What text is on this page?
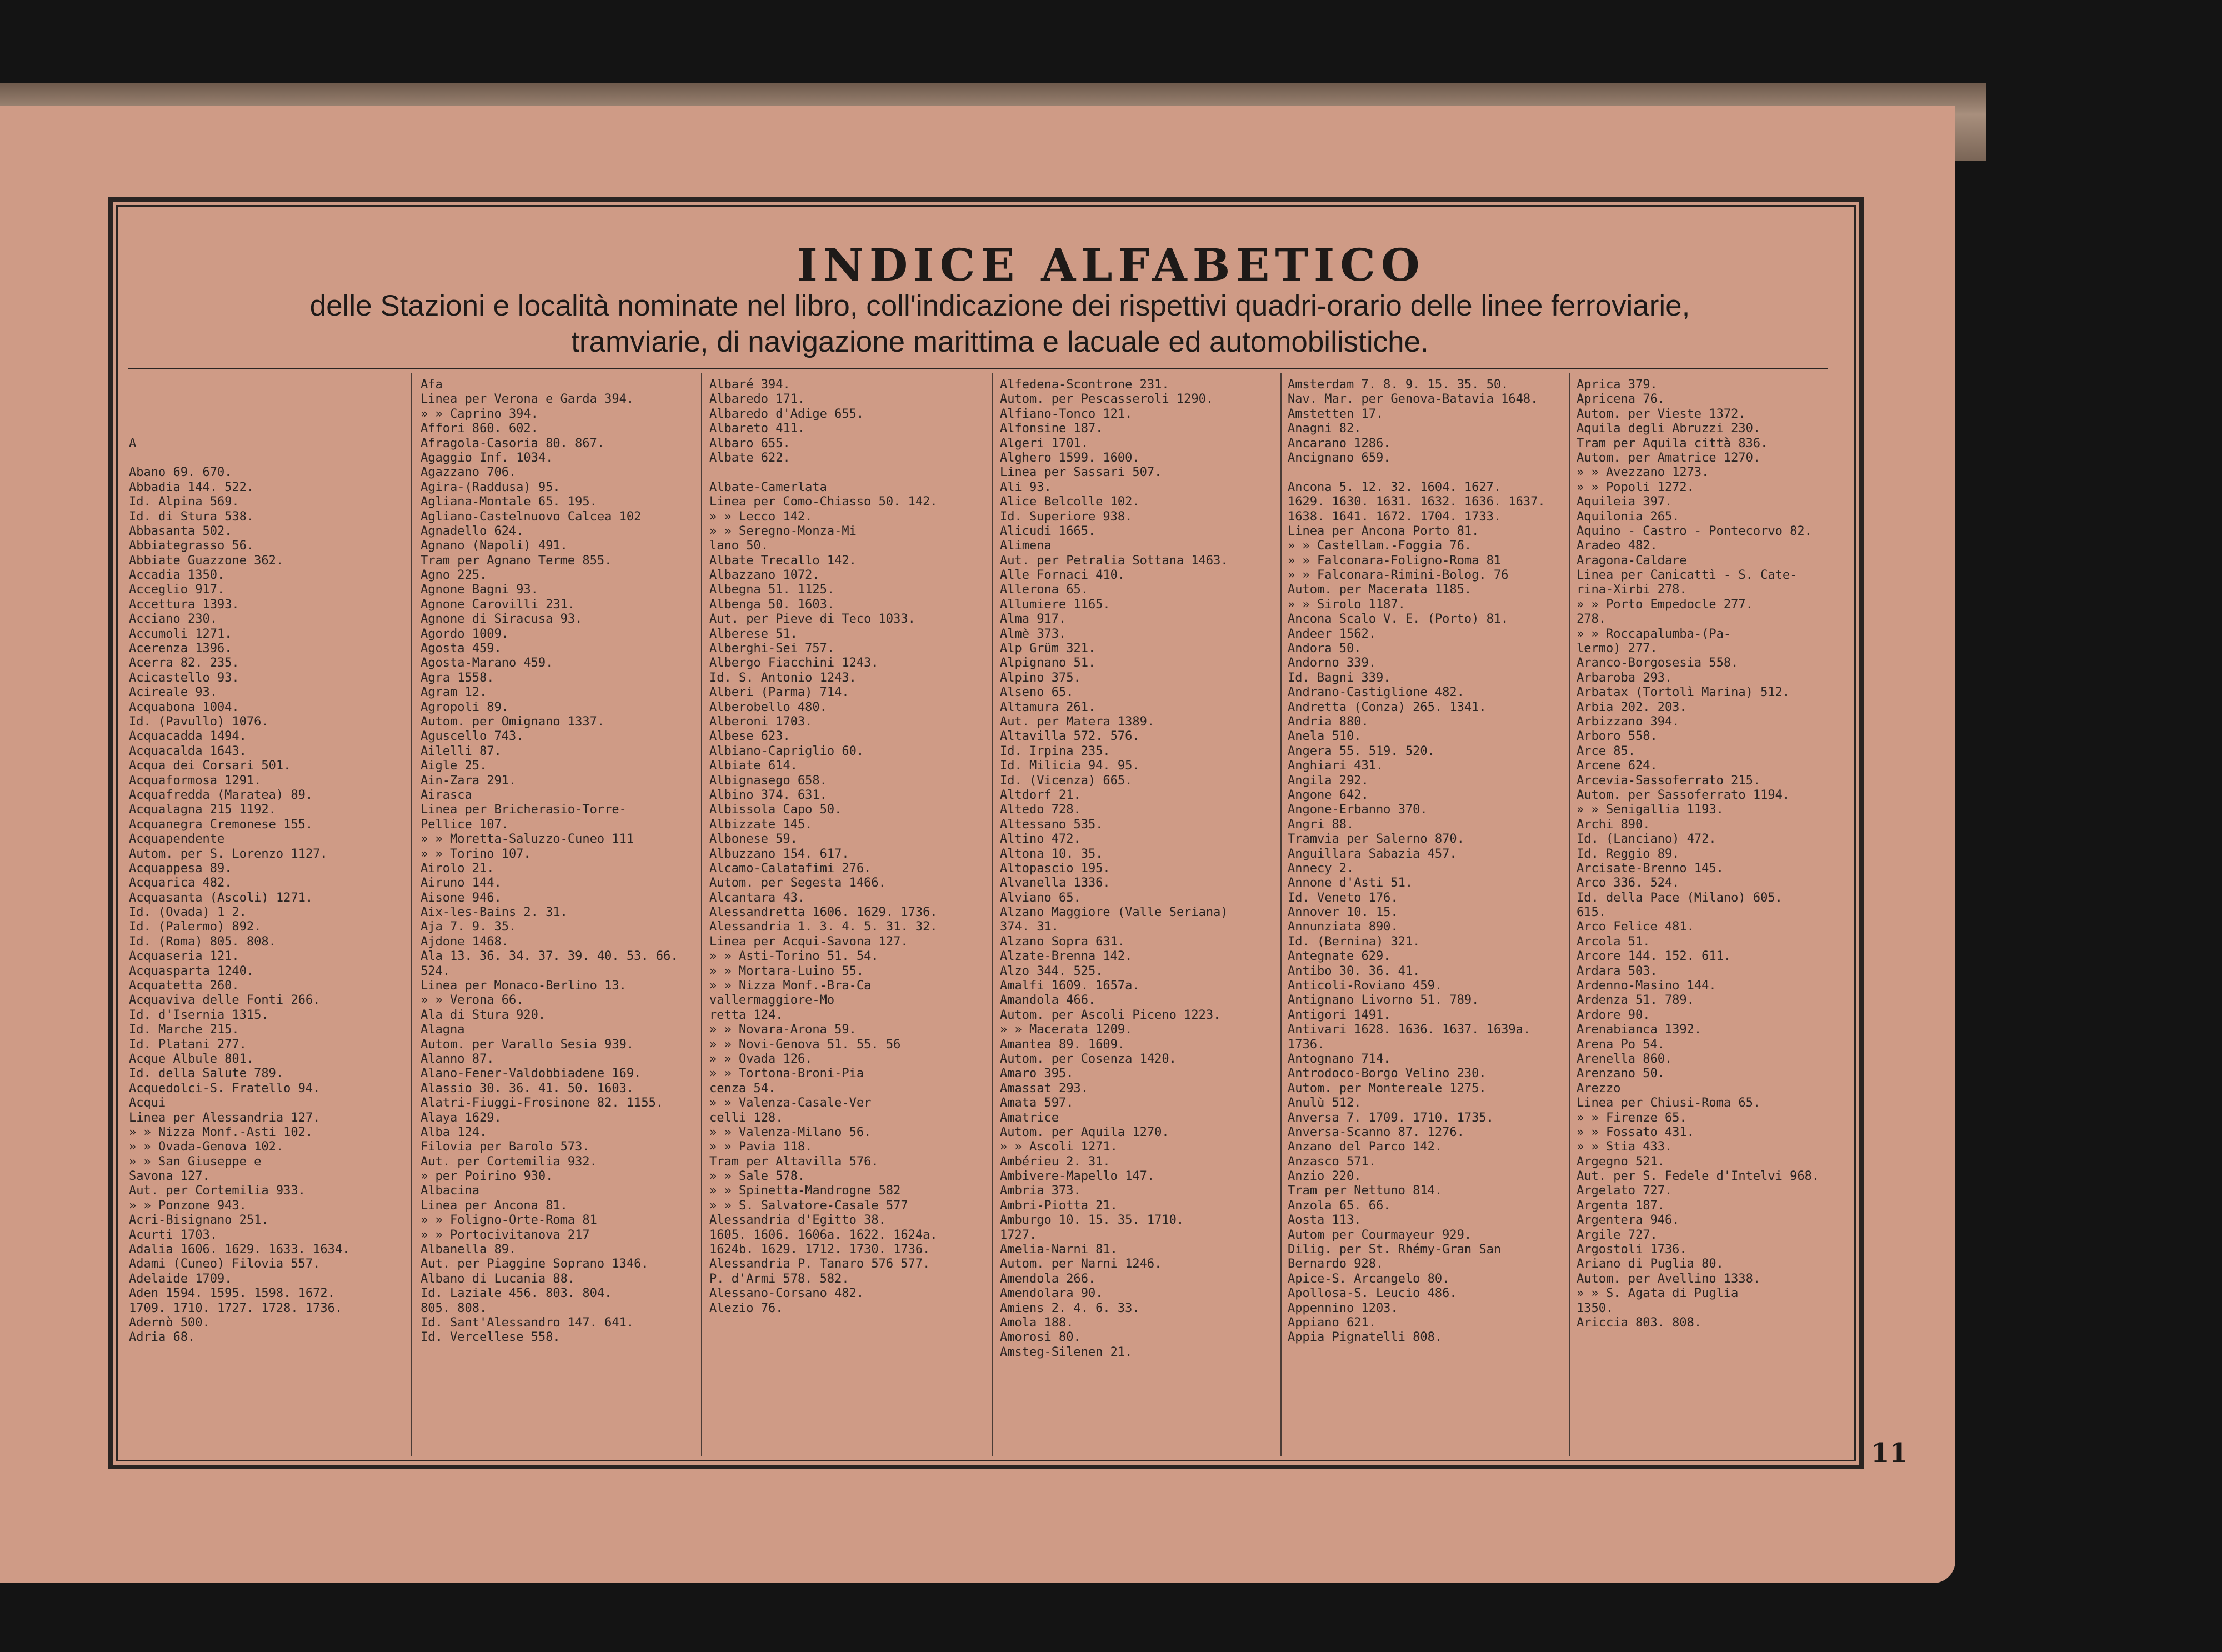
INDICE ALFABETICO
delle Stazioni e località nominate nel libro, coll'indicazione dei rispettivi quadri-orario delle linee ferroviarie,
tramviarie, di navigazione marittima e lacuale ed automobilistiche.
A
Abano 69. 670.
Abbadia 144. 522.
Id. Alpina 569.
Id. di Stura 538.
Abbasanta 502.
Abbiategrasso 56.
Abbiate Guazzone 362.
Accadia 1350.
Acceglio 917.
Accettura 1393.
Acciano 230.
Accumoli 1271.
Acerenza 1396.
Acerra 82. 235.
Acicastello 93.
Acireale 93.
Acquabona 1004.
Id. (Pavullo) 1076.
Acquacadda 1494.
Acquacalda 1643.
Acqua dei Corsari 501.
Acquaformosa 1291.
Acquafredda (Maratea) 89.
Acqualagna 215 1192.
Acquanegra Cremonese 155.
Acquapendente
Autom. per S. Lorenzo 1127.
Acquappesa 89.
Acquarica 482.
Acquasanta (Ascoli) 1271.
Id. (Ovada) 1 2.
Id. (Palermo) 892.
Id. (Roma) 805. 808.
Acquaseria 121.
Acquasparta 1240.
Acquatetta 260.
Acquaviva delle Fonti 266.
Id. d'Isernia 1315.
Id. Marche 215.
Id. Platani 277.
Acque Albule 801.
Id. della Salute 789.
Acquedolci-S. Fratello 94.
Acqui
Linea per Alessandria 127.
» » Nizza Monf.-Asti 102.
» » Ovada-Genova 102.
» » San Giuseppe e
Savona 127.
Aut. per Cortemilia 933.
» » Ponzone 943.
Acri-Bisignano 251.
Acurti 1703.
Adalia 1606. 1629. 1633. 1634.
Adami (Cuneo) Filovia 557.
Adelaide 1709.
Aden 1594. 1595. 1598. 1672.
1709. 1710. 1727. 1728. 1736.
Adernò 500.
Adria 68.
Afa
Linea per Verona e Garda 394.
» » Caprino 394.
Affori 860. 602.
Afragola-Casoria 80. 867.
Agaggio Inf. 1034.
Agazzano 706.
Agira-(Raddusa) 95.
Agliana-Montale 65. 195.
Agliano-Castelnuovo Calcea 102
Agnadello 624.
Agnano (Napoli) 491.
Tram per Agnano Terme 855.
Agno 225.
Agnone Bagni 93.
Agnone Carovilli 231.
Agnone di Siracusa 93.
Agordo 1009.
Agosta 459.
Agosta-Marano 459.
Agra 1558.
Agram 12.
Agropoli 89.
Autom. per Omignano 1337.
Aguscello 743.
Ailelli 87.
Aigle 25.
Ain-Zara 291.
Airasca
Linea per Bricherasio-Torre-
Pellice 107.
» » Moretta-Saluzzo-Cuneo 111
» » Torino 107.
Airolo 21.
Airuno 144.
Aisone 946.
Aix-les-Bains 2. 31.
Aja 7. 9. 35.
Ajdone 1468.
Ala 13. 36. 34. 37. 39. 40. 53. 66.
524.
Linea per Monaco-Berlino 13.
» » Verona 66.
Ala di Stura 920.
Alagna
Autom. per Varallo Sesia 939.
Alanno 87.
Alano-Fener-Valdobbiadene 169.
Alassio 30. 36. 41. 50. 1603.
Alatri-Fiuggi-Frosinone 82. 1155.
Alaya 1629.
Alba 124.
Filovia per Barolo 573.
Aut. per Cortemilia 932.
» per Poirino 930.
Albacina
Linea per Ancona 81.
» » Foligno-Orte-Roma 81
» » Portocivitanova 217
Albanella 89.
Aut. per Piaggine Soprano 1346.
Albano di Lucania 88.
Id. Laziale 456. 803. 804.
805. 808.
Id. Sant'Alessandro 147. 641.
Id. Vercellese 558.
Albaré 394.
Albaredo 171.
Albaredo d'Adige 655.
Albareto 411.
Albaro 655.
Albate 622.
Albate-Camerlata
Linea per Como-Chiasso 50. 142.
» » Lecco 142.
» » Seregno-Monza-Mi
lano 50.
Albate Trecallo 142.
Albazzano 1072.
Albegna 51. 1125.
Albenga 50. 1603.
Aut. per Pieve di Teco 1033.
Alberese 51.
Alberghi-Sei 757.
Albergo Fiacchini 1243.
Id. S. Antonio 1243.
Alberi (Parma) 714.
Alberobello 480.
Alberoni 1703.
Albese 623.
Albiano-Capriglio 60.
Albiate 614.
Albignasego 658.
Albino 374. 631.
Albissola Capo 50.
Albizzate 145.
Albonese 59.
Albuzzano 154. 617.
Alcamo-Calatafimi 276.
Autom. per Segesta 1466.
Alcantara 43.
Alessandretta 1606. 1629. 1736.
Alessandria 1. 3. 4. 5. 31. 32.
Linea per Acqui-Savona 127.
» » Asti-Torino 51. 54.
» » Mortara-Luino 55.
» » Nizza Monf.-Bra-Ca
vallermaggiore-Mo
retta 124.
» » Novara-Arona 59.
» » Novi-Genova 51. 55. 56
» » Ovada 126.
» » Tortona-Broni-Pia
cenza 54.
» » Valenza-Casale-Ver
celli 128.
» » Valenza-Milano 56.
» » Pavia 118.
Tram per Altavilla 576.
» » Sale 578.
» » Spinetta-Mandrogne 582
» » S. Salvatore-Casale 577
Alessandria d'Egitto 38.
1605. 1606. 1606a. 1622. 1624a.
1624b. 1629. 1712. 1730. 1736.
Alessandria P. Tanaro 576 577.
P. d'Armi 578. 582.
Alessano-Corsano 482.
Alezio 76.
Alfedena-Scontrone 231.
Autom. per Pescasseroli 1290.
Alfiano-Tonco 121.
Alfonsine 187.
Algeri 1701.
Alghero 1599. 1600.
Linea per Sassari 507.
Ali 93.
Alice Belcolle 102.
Id. Superiore 938.
Alicudi 1665.
Alimena
Aut. per Petralia Sottana 1463.
Alle Fornaci 410.
Allerona 65.
Allumiere 1165.
Alma 917.
Almè 373.
Alp Grüm 321.
Alpignano 51.
Alpino 375.
Alseno 65.
Altamura 261.
Aut. per Matera 1389.
Altavilla 572. 576.
Id. Irpina 235.
Id. Milicia 94. 95.
Id. (Vicenza) 665.
Altdorf 21.
Altedo 728.
Altessano 535.
Altino 472.
Altona 10. 35.
Altopascio 195.
Alvanella 1336.
Alviano 65.
Alzano Maggiore (Valle Seriana)
374. 31.
Alzano Sopra 631.
Alzate-Brenna 142.
Alzo 344. 525.
Amalfi 1609. 1657a.
Amandola 466.
Autom. per Ascoli Piceno 1223.
» » Macerata 1209.
Amantea 89. 1609.
Autom. per Cosenza 1420.
Amaro 395.
Amassat 293.
Amata 597.
Amatrice
Autom. per Aquila 1270.
» » Ascoli 1271.
Ambérieu 2. 31.
Ambivere-Mapello 147.
Ambria 373.
Ambri-Piotta 21.
Amburgo 10. 15. 35. 1710.
1727.
Amelia-Narni 81.
Autom. per Narni 1246.
Amendola 266.
Amendolara 90.
Amiens 2. 4. 6. 33.
Amola 188.
Amorosi 80.
Amsteg-Silenen 21.
Amsterdam 7. 8. 9. 15. 35. 50.
Nav. Mar. per Genova-Batavia 1648.
Amstetten 17.
Anagni 82.
Ancarano 1286.
Ancignano 659.
Ancona 5. 12. 32. 1604. 1627.
1629. 1630. 1631. 1632. 1636. 1637.
1638. 1641. 1672. 1704. 1733.
Linea per Ancona Porto 81.
» » Castellam.-Foggia 76.
» » Falconara-Foligno-Roma 81
» » Falconara-Rimini-Bolog. 76
Autom. per Macerata 1185.
» » Sirolo 1187.
Ancona Scalo V. E. (Porto) 81.
Andeer 1562.
Andora 50.
Andorno 339.
Id. Bagni 339.
Andrano-Castiglione 482.
Andretta (Conza) 265. 1341.
Andria 880.
Anela 510.
Angera 55. 519. 520.
Anghiari 431.
Angila 292.
Angone 642.
Angone-Erbanno 370.
Angri 88.
Tramvia per Salerno 870.
Anguillara Sabazia 457.
Annecy 2.
Annone d'Asti 51.
Id. Veneto 176.
Annover 10. 15.
Annunziata 890.
Id. (Bernina) 321.
Antegnate 629.
Antibo 30. 36. 41.
Anticoli-Roviano 459.
Antignano Livorno 51. 789.
Antigori 1491.
Antivari 1628. 1636. 1637. 1639a.
1736.
Antognano 714.
Antrodoco-Borgo Velino 230.
Autom. per Montereale 1275.
Anulù 512.
Anversa 7. 1709. 1710. 1735.
Anversa-Scanno 87. 1276.
Anzano del Parco 142.
Anzasco 571.
Anzio 220.
Tram per Nettuno 814.
Anzola 65. 66.
Aosta 113.
Autom per Courmayeur 929.
Dilig. per St. Rhémy-Gran San
Bernardo 928.
Apice-S. Arcangelo 80.
Apollosa-S. Leucio 486.
Appennino 1203.
Appiano 621.
Appia Pignatelli 808.
Aprica 379.
Apricena 76.
Autom. per Vieste 1372.
Aquila degli Abruzzi 230.
Tram per Aquila città 836.
Autom. per Amatrice 1270.
» » Avezzano 1273.
» » Popoli 1272.
Aquileia 397.
Aquilonia 265.
Aquino - Castro - Pontecorvo 82.
Aradeo 482.
Aragona-Caldare
Linea per Canicattì - S. Cate-
rina-Xirbi 278.
» » Porto Empedocle 277.
278.
» » Roccapalumba-(Pa-
lermo) 277.
Aranco-Borgosesia 558.
Arbaroba 293.
Arbatax (Tortolì Marina) 512.
Arbia 202. 203.
Arbizzano 394.
Arboro 558.
Arce 85.
Arcene 624.
Arcevia-Sassoferrato 215.
Autom. per Sassoferrato 1194.
» » Senigallia 1193.
Archi 890.
Id. (Lanciano) 472.
Id. Reggio 89.
Arcisate-Brenno 145.
Arco 336. 524.
Id. della Pace (Milano) 605.
615.
Arco Felice 481.
Arcola 51.
Arcore 144. 152. 611.
Ardara 503.
Ardenno-Masino 144.
Ardenza 51. 789.
Ardore 90.
Arenabianca 1392.
Arena Po 54.
Arenella 860.
Arenzano 50.
Arezzo
Linea per Chiusi-Roma 65.
» » Firenze 65.
» » Fossato 431.
» » Stia 433.
Argegno 521.
Aut. per S. Fedele d'Intelvi 968.
Argelato 727.
Argenta 187.
Argentera 946.
Argile 727.
Argostoli 1736.
Ariano di Puglia 80.
Autom. per Avellino 1338.
» » S. Agata di Puglia
1350.
Ariccia 803. 808.
11
